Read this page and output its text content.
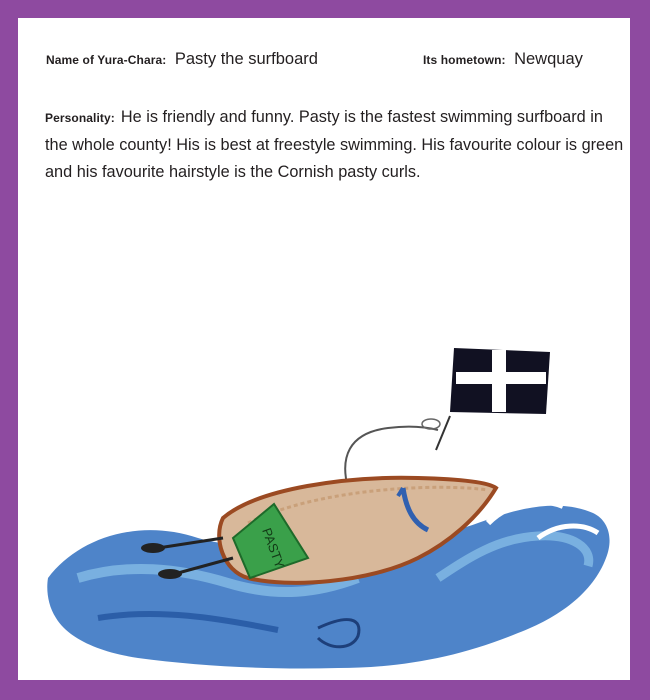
Name of Yura-Chara: Pasty the surfboard	Its hometown: Newquay
Personality: He is friendly and funny. Pasty is the fastest swimming surfboard in the whole county! His is best at freestyle swimming. His favourite colour is green and his favourite hairstyle is the Cornish pasty curls.
PASTY
